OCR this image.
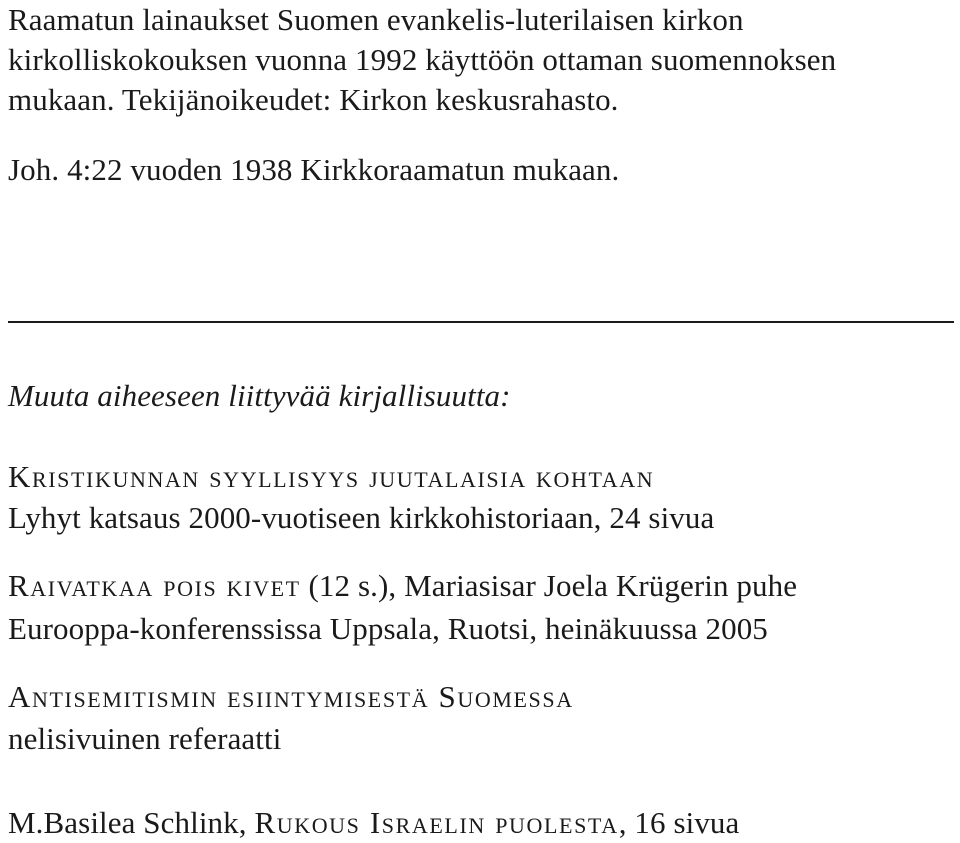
Raamatun lainaukset Suomen evankelis-luterilaisen kirkon
kirkolliskokouksen vuonna 1992 käyttöön ottaman suomennoksen
mukaan. Tekijänoikeudet: Kirkon keskusrahasto.
Joh. 4:22 vuoden 1938 Kirkkoraamatun mukaan.
Muuta aiheeseen liittyvää kirjallisuutta:
Kristikunnan syyllisyys juutalaisia kohtaan
Lyhyt katsaus 2000-vuotiseen kirkkohistoriaan, 24 sivua
Raivatkaa pois kivet (12 s.), Mariasisar Joela Krügerin puhe
Eurooppa-konferenssissa Uppsala, Ruotsi, heinäkuussa 2005
Antisemitismin esiintymisestä Suomessa
nelisivuinen referaatti
M.Basilea Schlink, Rukous Israelin puolesta, 16 sivua
